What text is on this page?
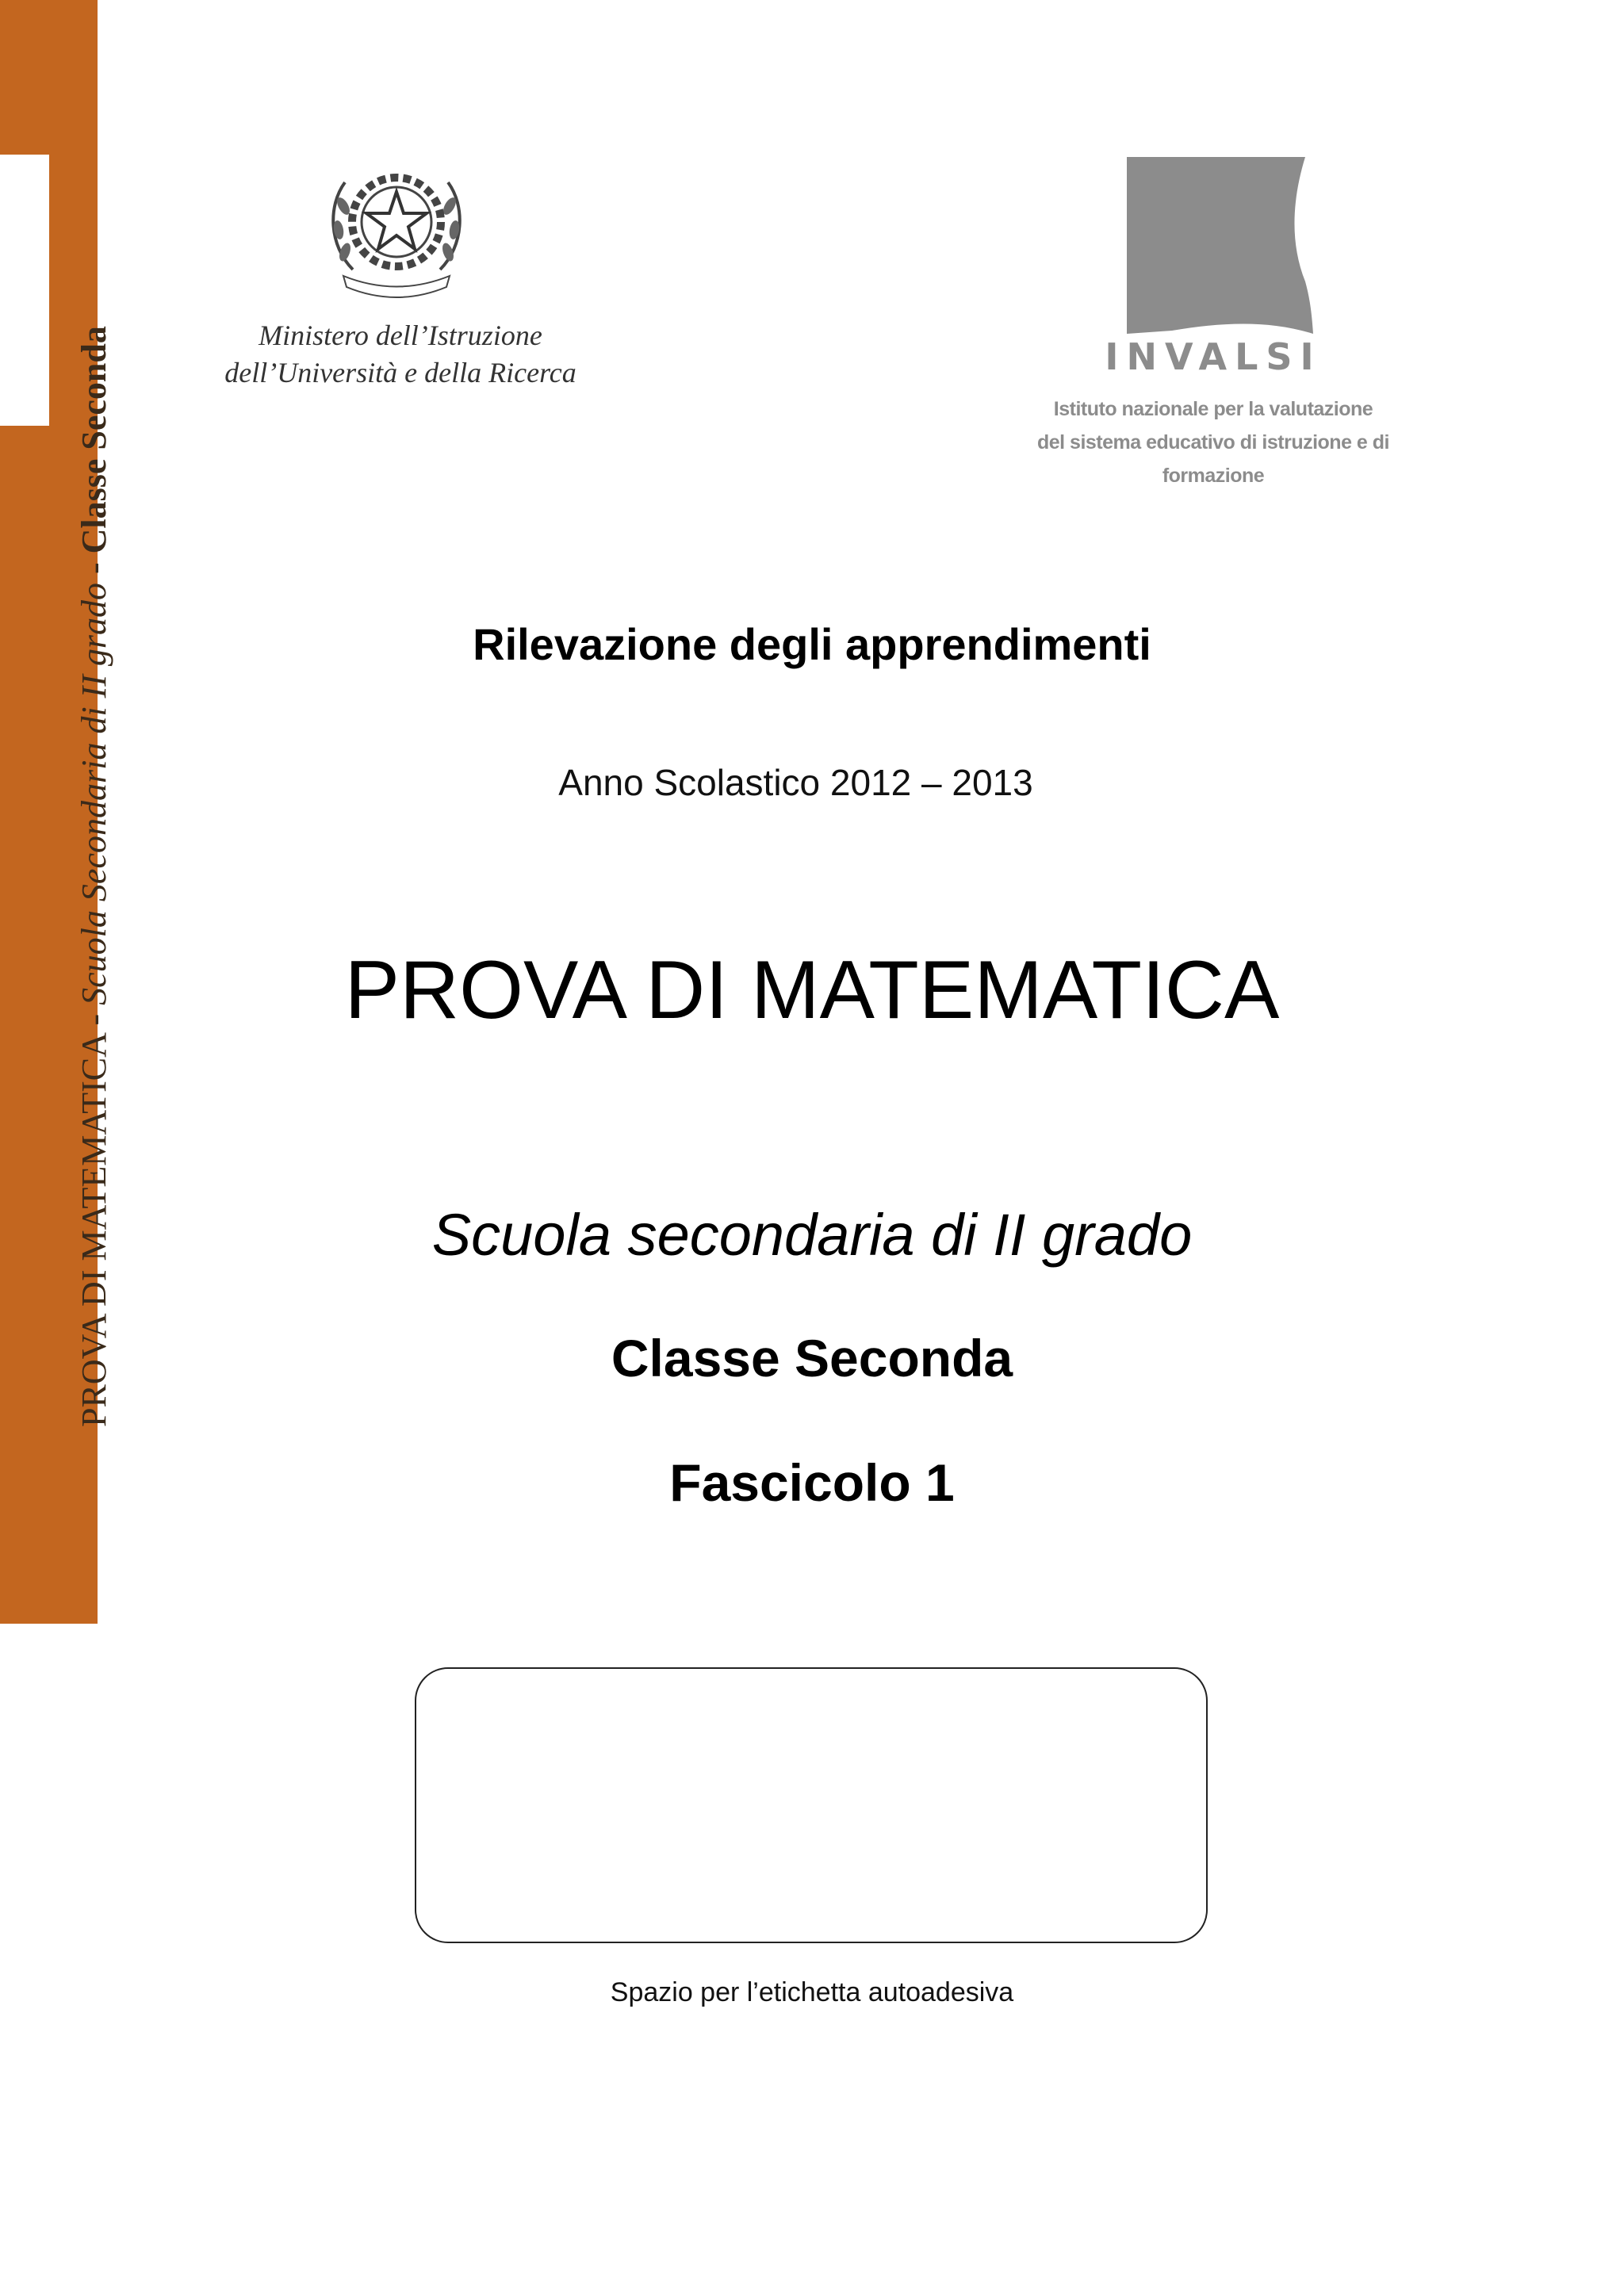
PROVA DI MATEMATICA - Scuola Secondaria di II grado - Classe Seconda	Ministero dell’Istruzione
dell’Università e della Ricerca	INVALSI
Istituto nazionale per la valutazione
del sistema educativo di istruzione e di formazione
Rilevazione degli apprendimenti
Anno Scolastico 2012 – 2013
PROVA DI MATEMATICA
Scuola secondaria di II grado
Classe Seconda
Fascicolo 1
Spazio per l’etichetta autoadesiva
